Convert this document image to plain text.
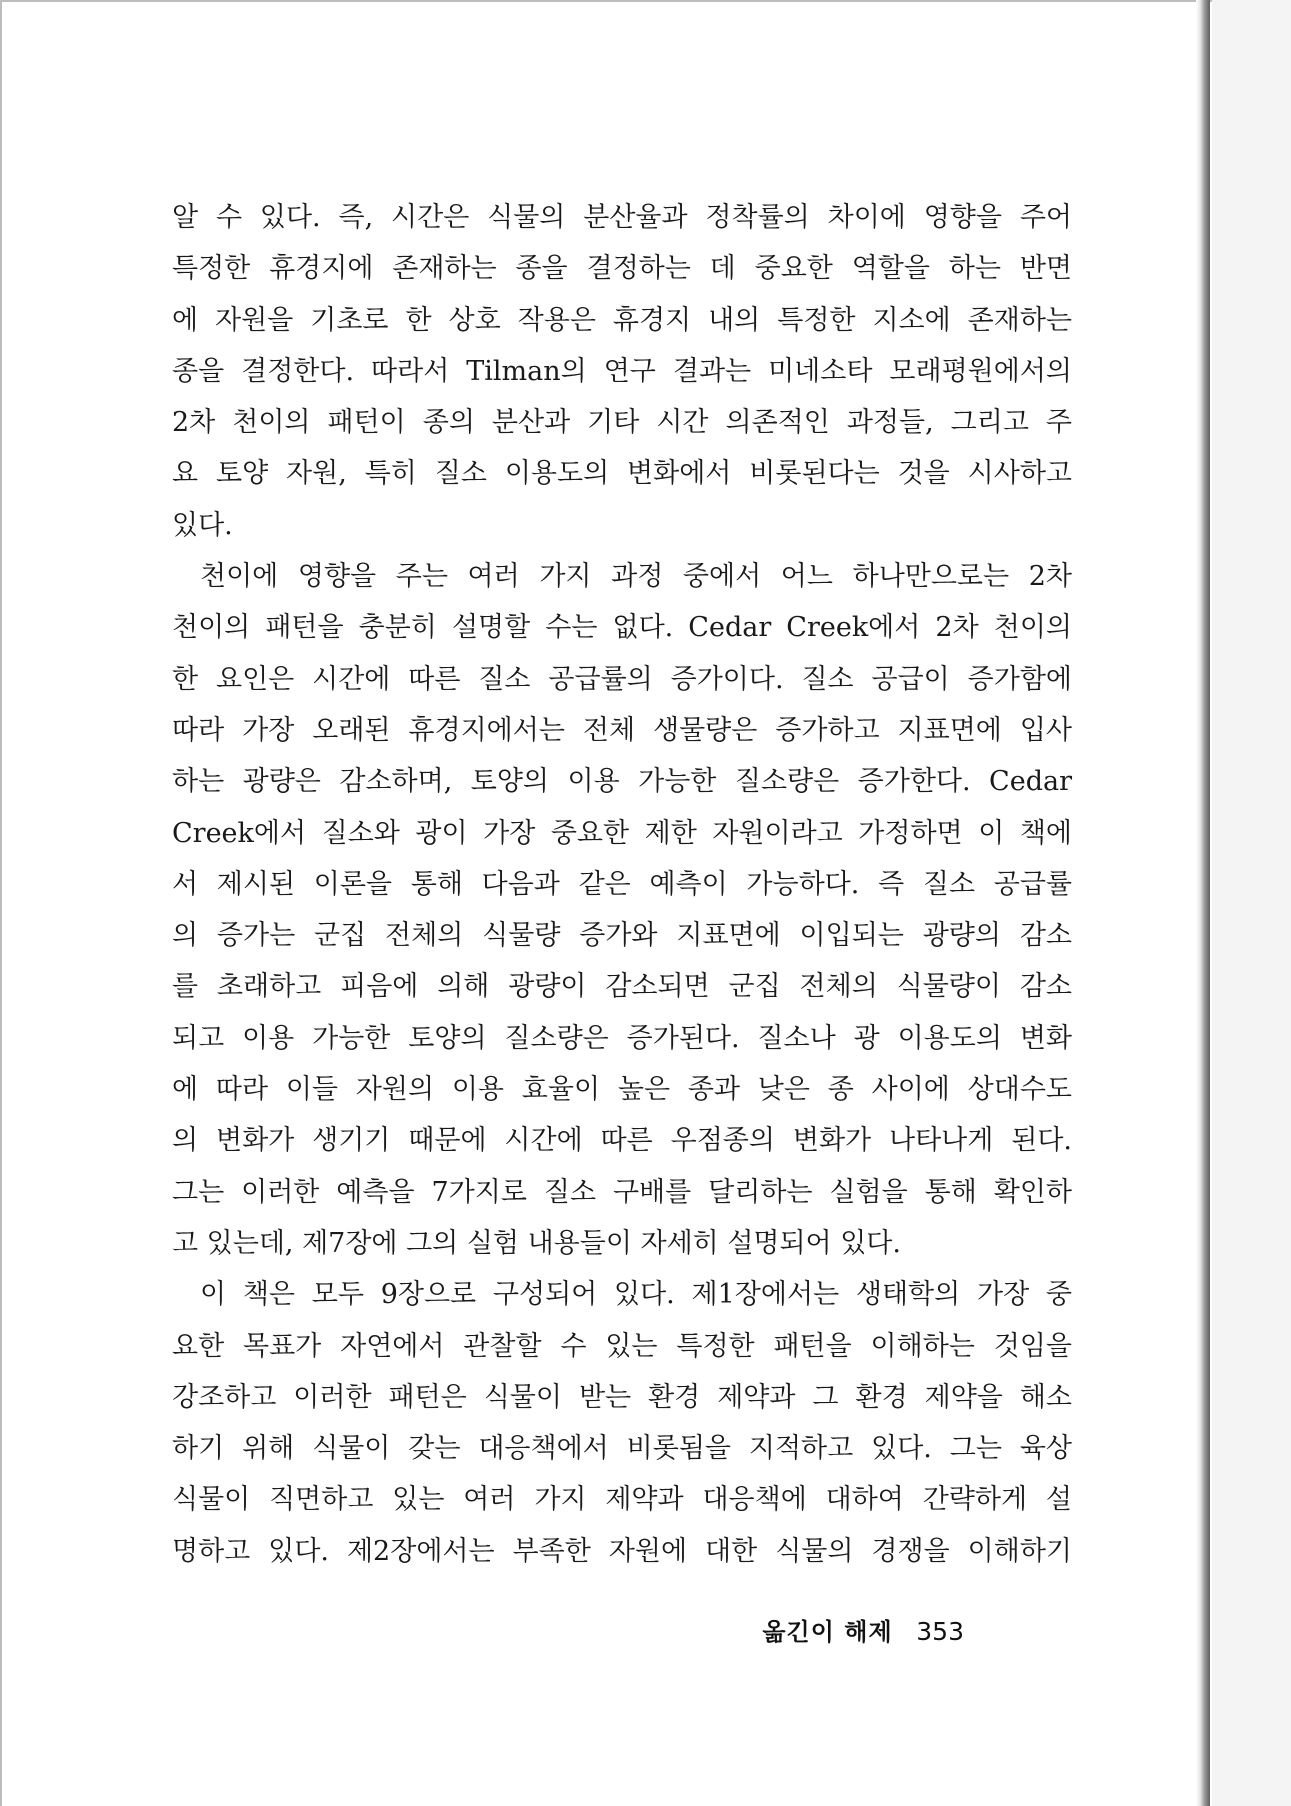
알 수 있다. 즉, 시간은 식물의 분산율과 정착률의 차이에 영향을 주어
특정한 휴경지에 존재하는 종을 결정하는 데 중요한 역할을 하는 반면
에 자원을 기초로 한 상호 작용은 휴경지 내의 특정한 지소에 존재하는
종을 결정한다. 따라서 Tilman의 연구 결과는 미네소타 모래평원에서의
2차 천이의 패턴이 종의 분산과 기타 시간 의존적인 과정들, 그리고 주
요 토양 자원, 특히 질소 이용도의 변화에서 비롯된다는 것을 시사하고
있다.
천이에 영향을 주는 여러 가지 과정 중에서 어느 하나만으로는 2차
천이의 패턴을 충분히 설명할 수는 없다. Cedar Creek에서 2차 천이의
한 요인은 시간에 따른 질소 공급률의 증가이다. 질소 공급이 증가함에
따라 가장 오래된 휴경지에서는 전체 생물량은 증가하고 지표면에 입사
하는 광량은 감소하며, 토양의 이용 가능한 질소량은 증가한다. Cedar
Creek에서 질소와 광이 가장 중요한 제한 자원이라고 가정하면 이 책에
서 제시된 이론을 통해 다음과 같은 예측이 가능하다. 즉 질소 공급률
의 증가는 군집 전체의 식물량 증가와 지표면에 이입되는 광량의 감소
를 초래하고 피음에 의해 광량이 감소되면 군집 전체의 식물량이 감소
되고 이용 가능한 토양의 질소량은 증가된다. 질소나 광 이용도의 변화
에 따라 이들 자원의 이용 효율이 높은 종과 낮은 종 사이에 상대수도
의 변화가 생기기 때문에 시간에 따른 우점종의 변화가 나타나게 된다.
그는 이러한 예측을 7가지로 질소 구배를 달리하는 실험을 통해 확인하
고 있는데, 제7장에 그의 실험 내용들이 자세히 설명되어 있다.
이 책은 모두 9장으로 구성되어 있다. 제1장에서는 생태학의 가장 중
요한 목표가 자연에서 관찰할 수 있는 특정한 패턴을 이해하는 것임을
강조하고 이러한 패턴은 식물이 받는 환경 제약과 그 환경 제약을 해소
하기 위해 식물이 갖는 대응책에서 비롯됨을 지적하고 있다. 그는 육상
식물이 직면하고 있는 여러 가지 제약과 대응책에 대하여 간략하게 설
명하고 있다. 제2장에서는 부족한 자원에 대한 식물의 경쟁을 이해하기
옮긴이 해제 353
